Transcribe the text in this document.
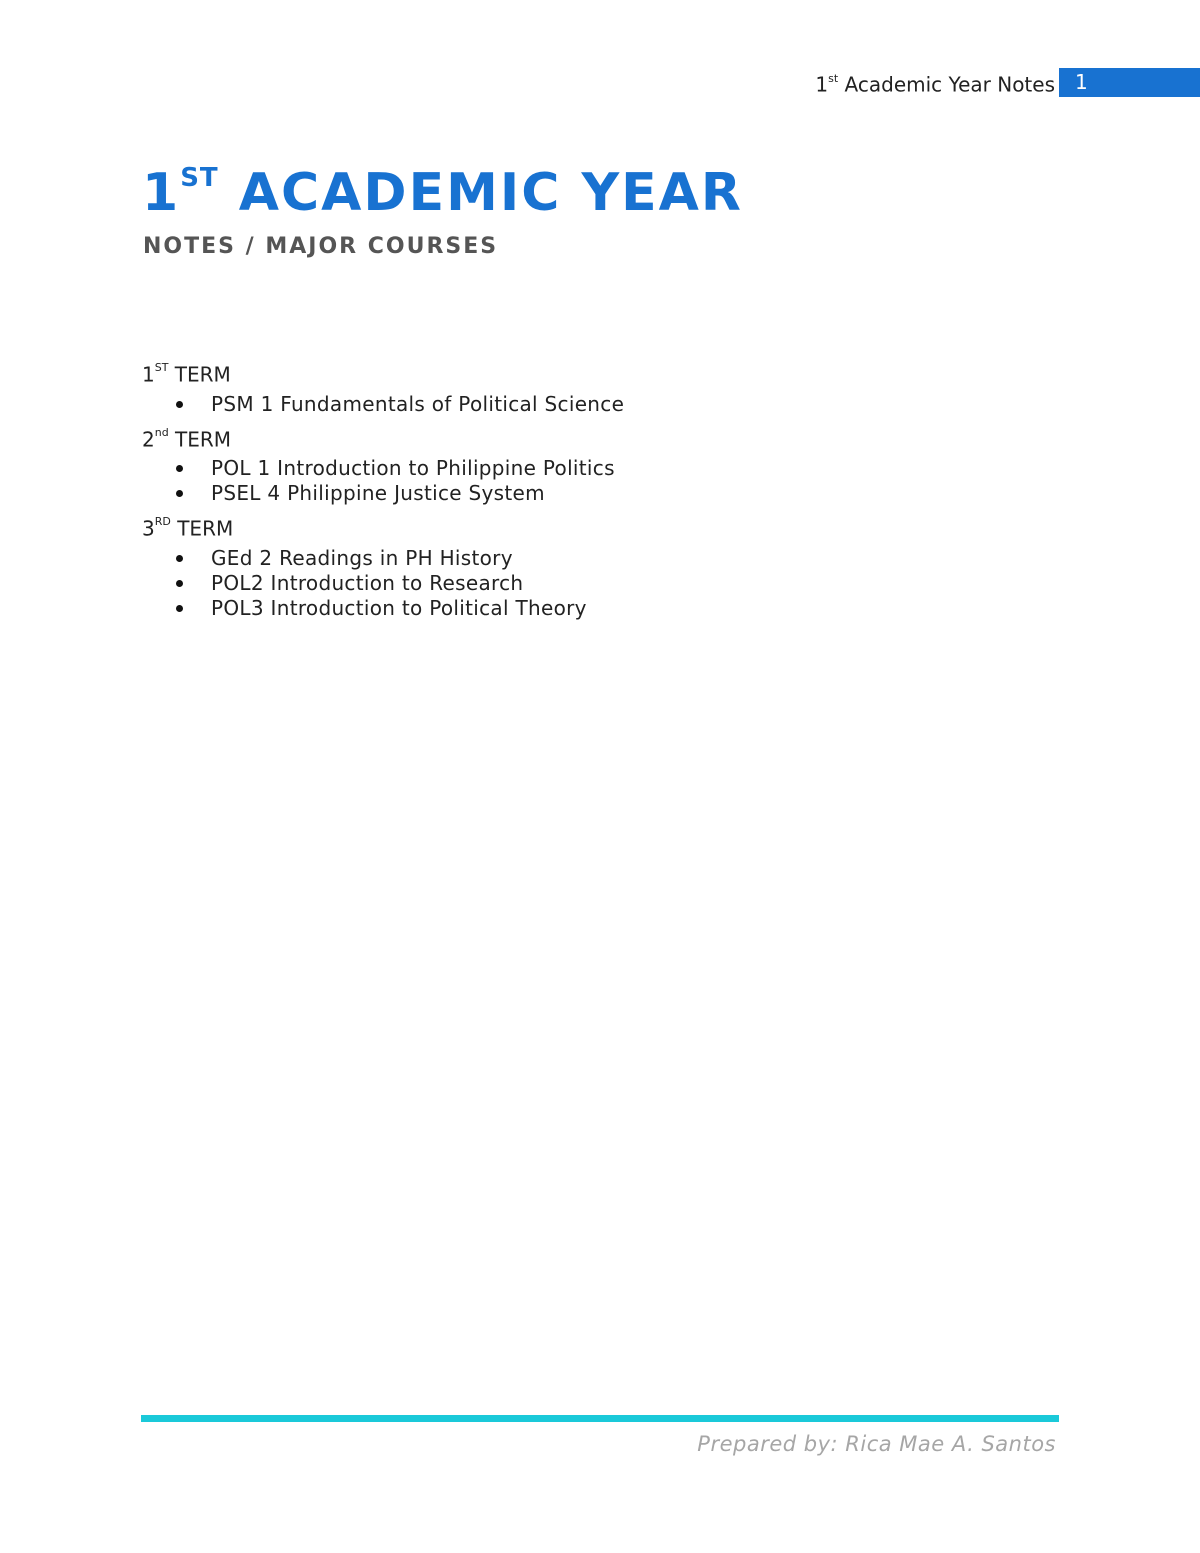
1st Academic Year Notes	1
1ST ACADEMIC YEAR
NOTES / MAJOR COURSES
1ST TERM
PSM 1 Fundamentals of Political Science
2nd TERM
POL 1 Introduction to Philippine Politics
PSEL 4 Philippine Justice System
3RD TERM
GEd 2 Readings in PH History
POL2 Introduction to Research
POL3 Introduction to Political Theory
Prepared by: Rica Mae A. Santos
